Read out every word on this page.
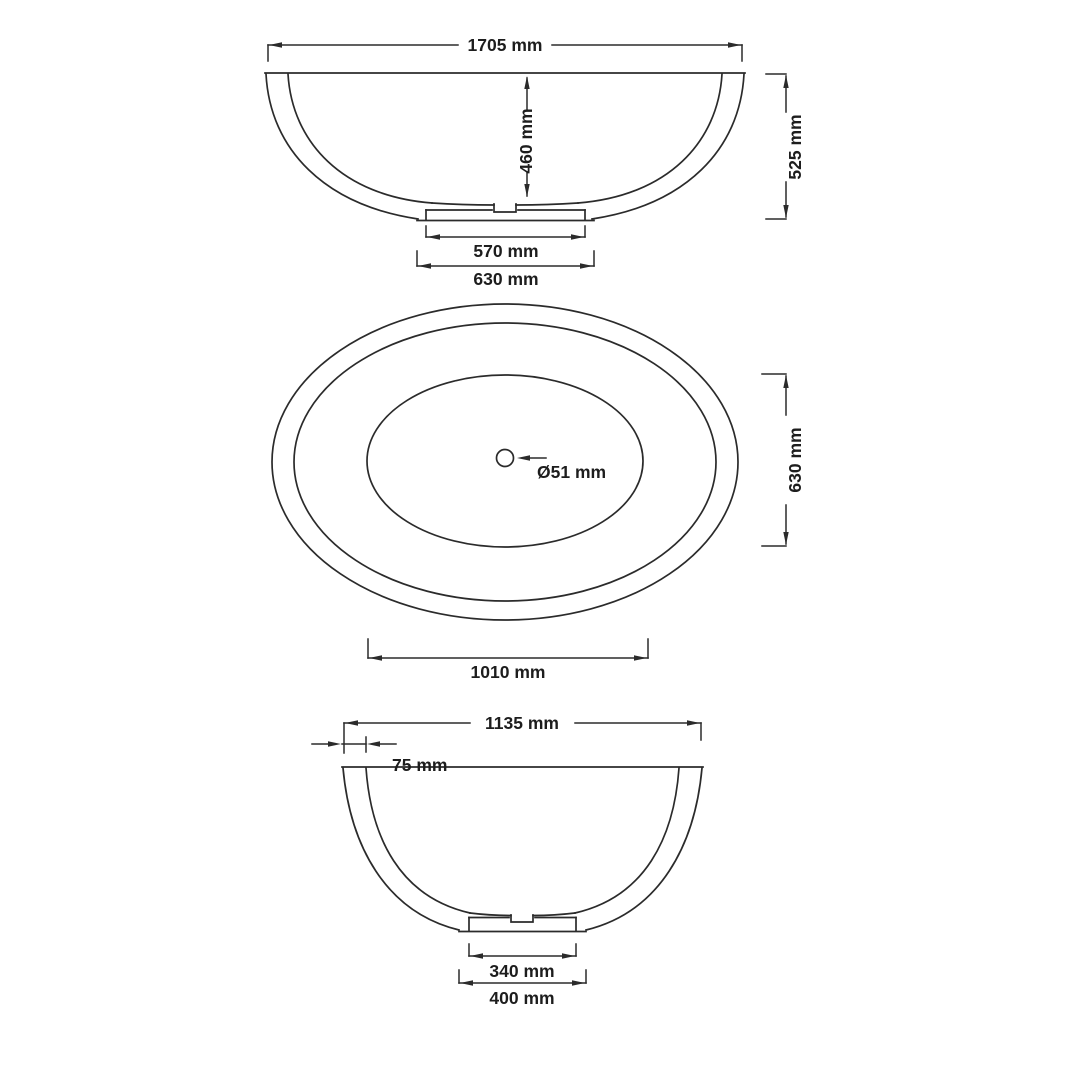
1705 mm
460 mm	525 mm
570 mm
630 mm
Ø51 mm	630 mm
1010 mm
1135 mm
75 mm
340 mm
400 mm
